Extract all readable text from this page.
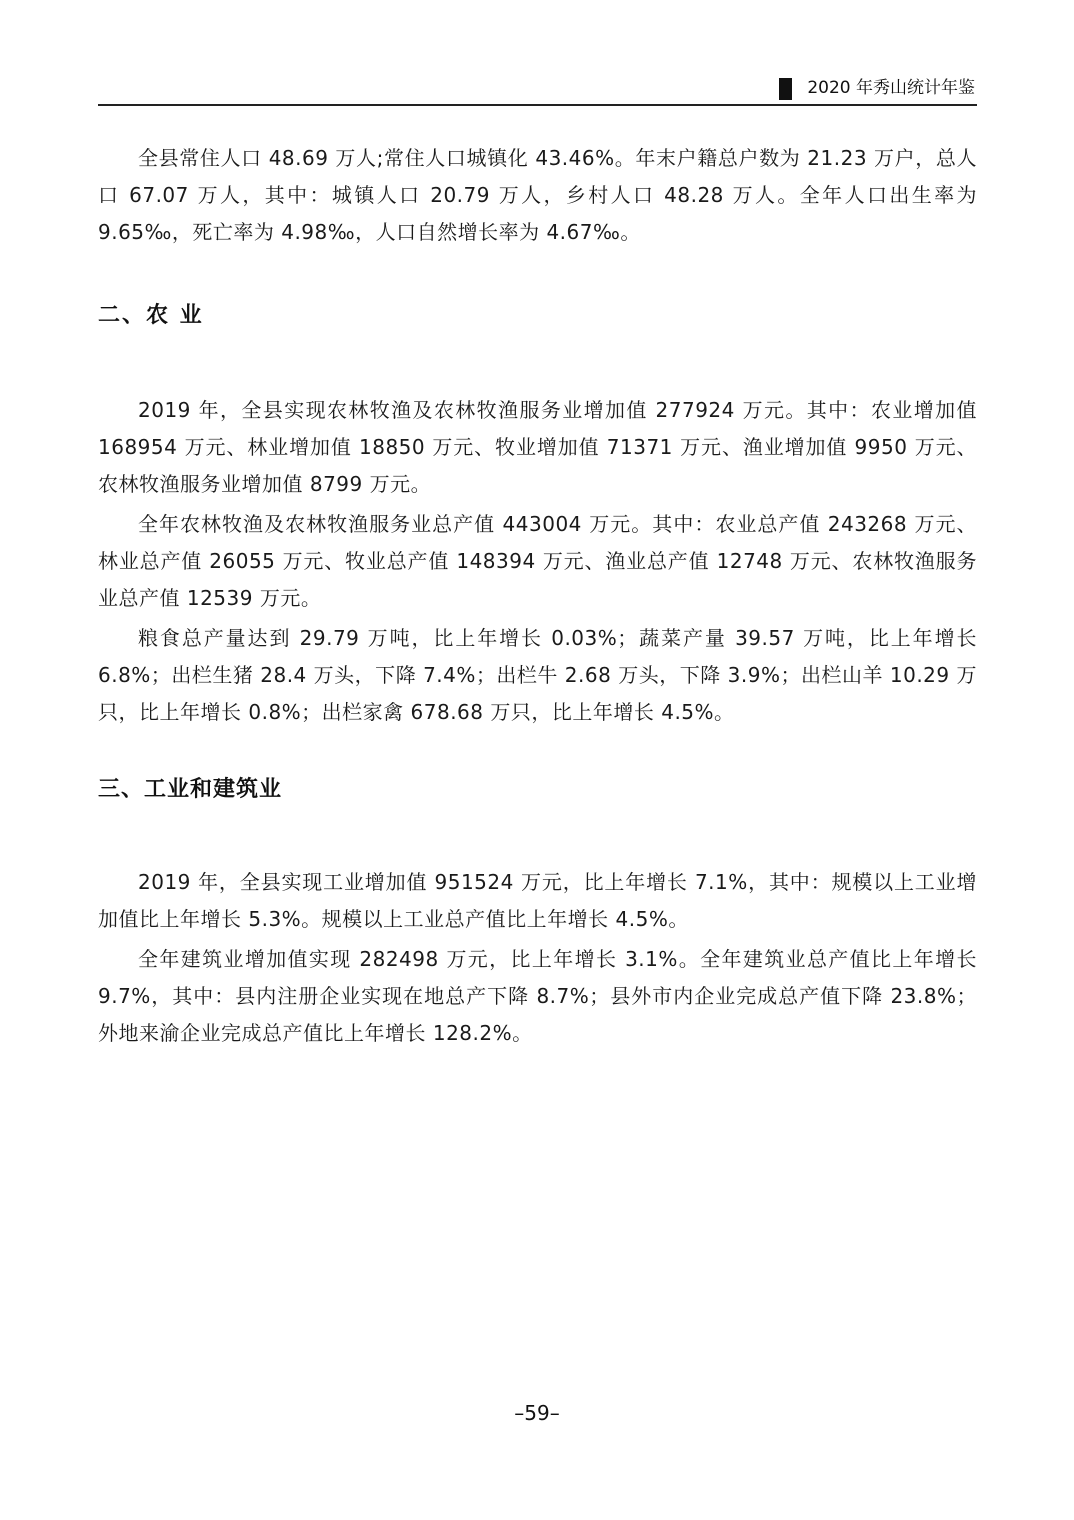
2020 年秀山统计年鉴

全县常住人口 48.69 万人;常住人口城镇化 43.46%。年末户籍总户数为 21.23 万户，总人口 67.07 万人，其中：城镇人口 20.79 万人，乡村人口 48.28 万人。全年人口出生率为 9.65‰，死亡率为 4.98‰，人口自然增长率为 4.67‰。

二、农 业

2019 年，全县实现农林牧渔及农林牧渔服务业增加值 277924 万元。其中：农业增加值 168954 万元、林业增加值 18850 万元、牧业增加值 71371 万元、渔业增加值 9950 万元、农林牧渔服务业增加值 8799 万元。

全年农林牧渔及农林牧渔服务业总产值 443004 万元。其中：农业总产值 243268 万元、林业总产值 26055 万元、牧业总产值 148394 万元、渔业总产值 12748 万元、农林牧渔服务业总产值 12539 万元。

粮食总产量达到 29.79 万吨，比上年增长 0.03%；蔬菜产量 39.57 万吨，比上年增长 6.8%；出栏生猪 28.4 万头，下降 7.4%；出栏牛 2.68 万头，下降 3.9%；出栏山羊 10.29 万只，比上年增长 0.8%；出栏家禽 678.68 万只，比上年增长 4.5%。

三、工业和建筑业

2019 年，全县实现工业增加值 951524 万元，比上年增长 7.1%，其中：规模以上工业增加值比上年增长 5.3%。规模以上工业总产值比上年增长 4.5%。

全年建筑业增加值实现 282498 万元，比上年增长 3.1%。全年建筑业总产值比上年增长 9.7%，其中：县内注册企业实现在地总产下降 8.7%；县外市内企业完成总产值下降 23.8%；外地来渝企业完成总产值比上年增长 128.2%。

–59–
